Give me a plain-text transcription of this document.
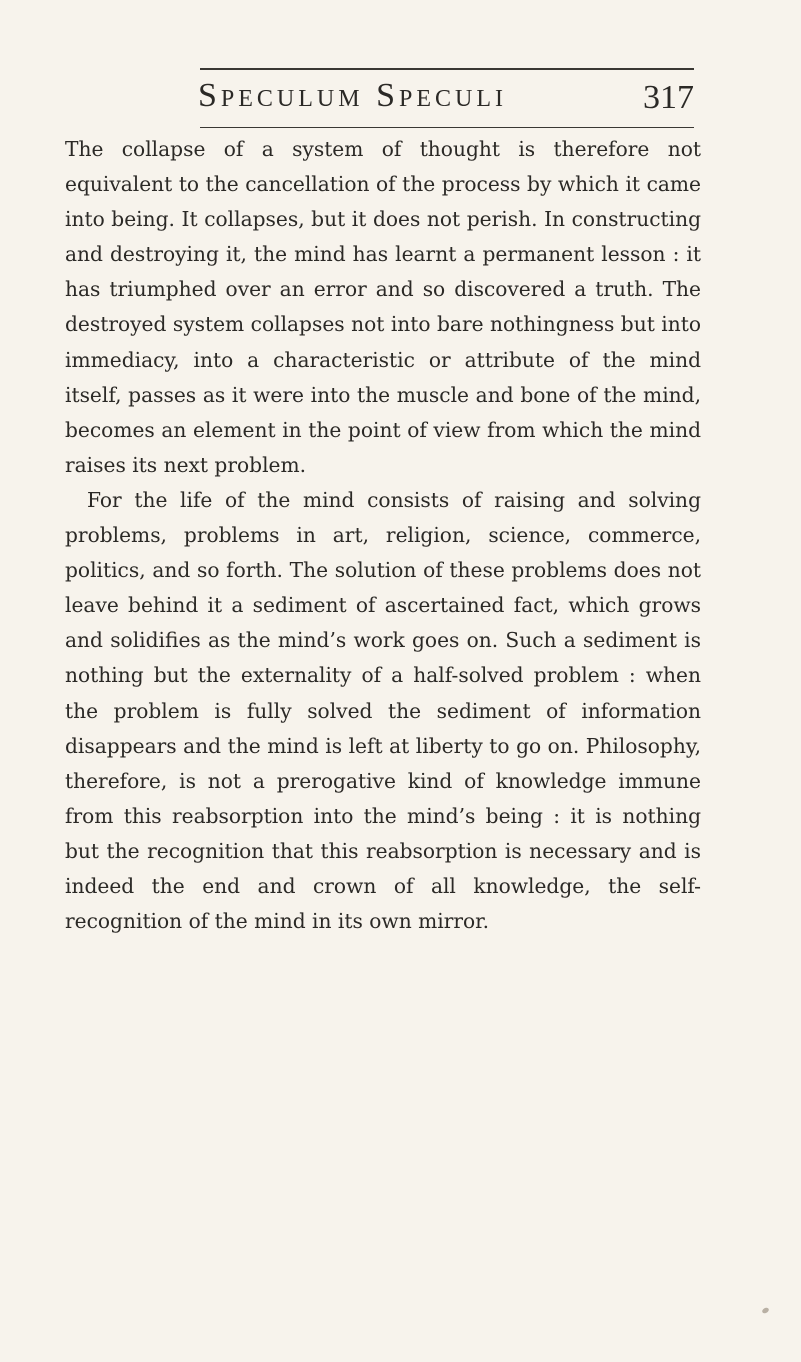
Speculum Speculi	317

The collapse of a system of thought is therefore not equivalent to the cancellation of the process by which it came into being. It collapses, but it does not perish. In constructing and destroying it, the mind has learnt a permanent lesson : it has triumphed over an error and so discovered a truth. The destroyed system collapses not into bare nothingness but into immediacy, into a characteristic or attribute of the mind itself, passes as it were into the muscle and bone of the mind, becomes an element in the point of view from which the mind raises its next problem.

For the life of the mind consists of raising and solving problems, problems in art, religion, science, commerce, politics, and so forth. The solution of these problems does not leave behind it a sediment of ascertained fact, which grows and solidifies as the mind’s work goes on. Such a sediment is nothing but the externality of a half-solved problem : when the problem is fully solved the sediment of information disappears and the mind is left at liberty to go on. Philosophy, therefore, is not a prerogative kind of knowledge immune from this reabsorption into the mind’s being : it is nothing but the recognition that this reabsorption is necessary and is indeed the end and crown of all knowledge, the self-recognition of the mind in its own mirror.
